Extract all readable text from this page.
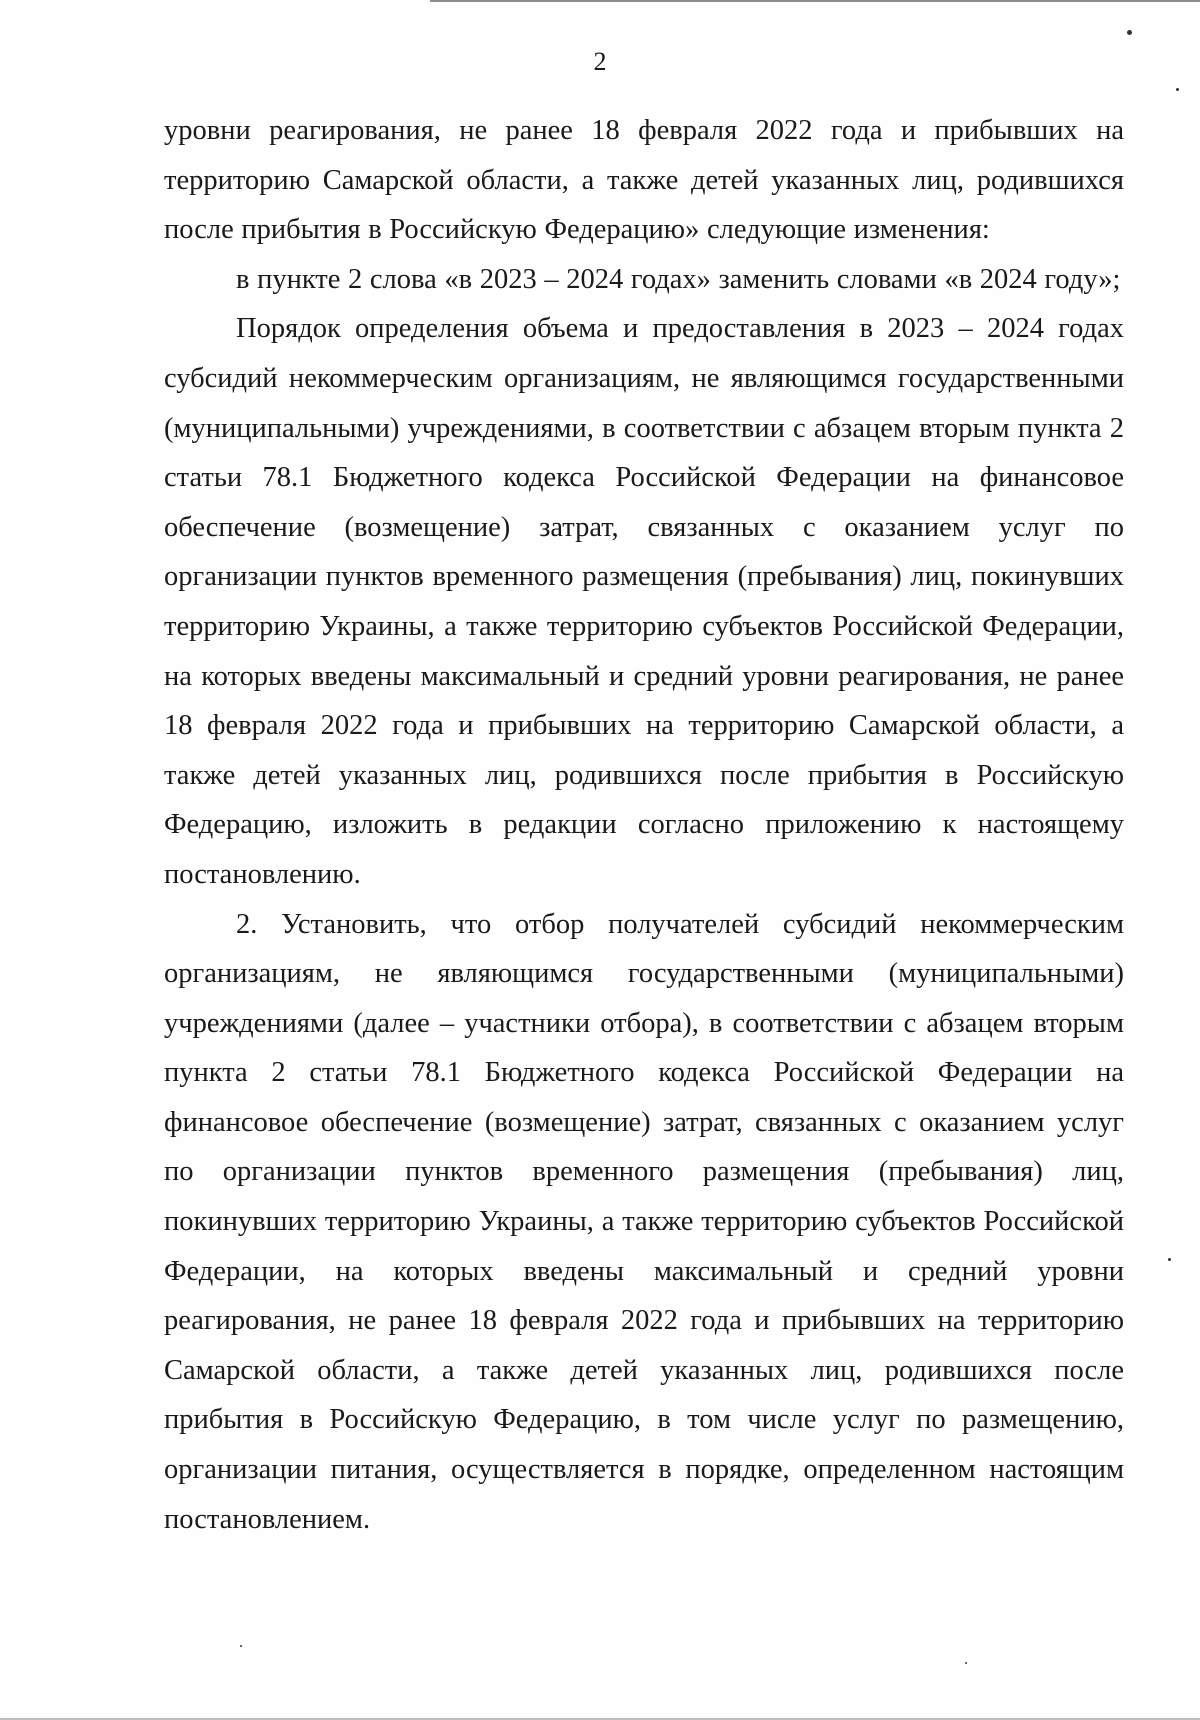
2

уровни реагирования, не ранее 18 февраля 2022 года и прибывших на территорию Самарской области, а также детей указанных лиц, родившихся после прибытия в Российскую Федерацию» следующие изменения:

в пункте 2 слова «в 2023 – 2024 годах» заменить словами «в 2024 году»;

Порядок определения объема и предоставления в 2023 – 2024 годах субсидий некоммерческим организациям, не являющимся государственными (муниципальными) учреждениями, в соответствии с абзацем вторым пункта 2 статьи 78.1 Бюджетного кодекса Российской Федерации на финансовое обеспечение (возмещение) затрат, связанных с оказанием услуг по организации пунктов временного размещения (пребывания) лиц, покинувших территорию Украины, а также территорию субъектов Российской Федерации, на которых введены максимальный и средний уровни реагирования, не ранее 18 февраля 2022 года и прибывших на территорию Самарской области, а также детей указанных лиц, родившихся после прибытия в Российскую Федерацию, изложить в редакции согласно приложению к настоящему постановлению.

2. Установить, что отбор получателей субсидий некоммерческим организациям, не являющимся государственными (муниципальными) учреждениями (далее – участники отбора), в соответствии с абзацем вторым пункта 2 статьи 78.1 Бюджетного кодекса Российской Федерации на финансовое обеспечение (возмещение) затрат, связанных с оказанием услуг по организации пунктов временного размещения (пребывания) лиц, покинувших территорию Украины, а также территорию субъектов Российской Федерации, на которых введены максимальный и средний уровни реагирования, не ранее 18 февраля 2022 года и прибывших на территорию Самарской области, а также детей указанных лиц, родившихся после прибытия в Российскую Федерацию, в том числе услуг по размещению, организации питания, осуществляется в порядке, определенном настоящим постановлением.
